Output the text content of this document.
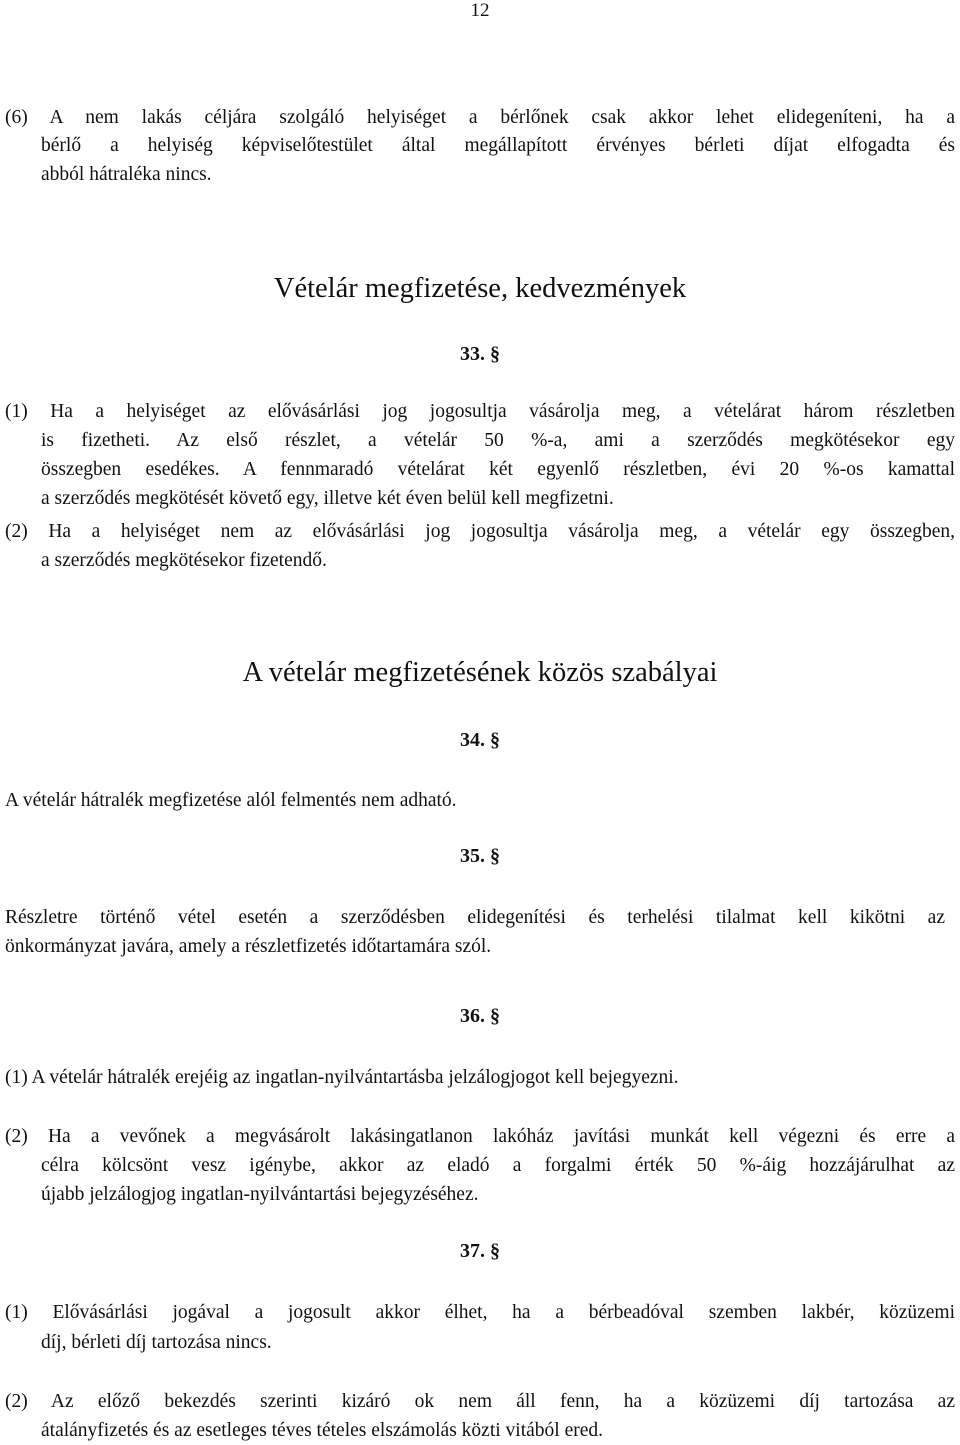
12
(6) A nem lakás céljára szolgáló helyiséget a bérlőnek csak akkor lehet elidegeníteni, ha a
bérlő a helyiség képviselőtestület által megállapított érvényes bérleti díjat elfogadta és
abból hátraléka nincs.
Vételár megfizetése, kedvezmények
33. §
(1) Ha a helyiséget az elővásárlási jog jogosultja vásárolja meg, a vételárat három részletben
is fizetheti. Az első részlet, a vételár 50 %-a, ami a szerződés megkötésekor egy
összegben esedékes. A fennmaradó vételárat két egyenlő részletben, évi 20 %-os kamattal
a szerződés megkötését követő egy, illetve két éven belül kell megfizetni.
(2) Ha a helyiséget nem az elővásárlási jog jogosultja vásárolja meg, a vételár egy összegben,
a szerződés megkötésekor fizetendő.
A vételár megfizetésének közös szabályai
34. §
A vételár hátralék megfizetése alól felmentés nem adható.
35. §
Részletre történő vétel esetén a szerződésben elidegenítési és terhelési tilalmat kell kikötni az
önkormányzat javára, amely a részletfizetés időtartamára szól.
36. §
(1) A vételár hátralék erejéig az ingatlan-nyilvántartásba jelzálogjogot kell bejegyezni.
(2) Ha a vevőnek a megvásárolt lakásingatlanon lakóház javítási munkát kell végezni és erre a
célra kölcsönt vesz igénybe, akkor az eladó a forgalmi érték 50 %-áig hozzájárulhat az
újabb jelzálogjog ingatlan-nyilvántartási bejegyzéséhez.
37. §
(1) Elővásárlási jogával a jogosult akkor élhet, ha a bérbeadóval szemben lakbér, közüzemi
díj, bérleti díj tartozása nincs.
(2) Az előző bekezdés szerinti kizáró ok nem áll fenn, ha a közüzemi díj tartozása az
átalányfizetés és az esetleges téves tételes elszámolás közti vitából ered.
